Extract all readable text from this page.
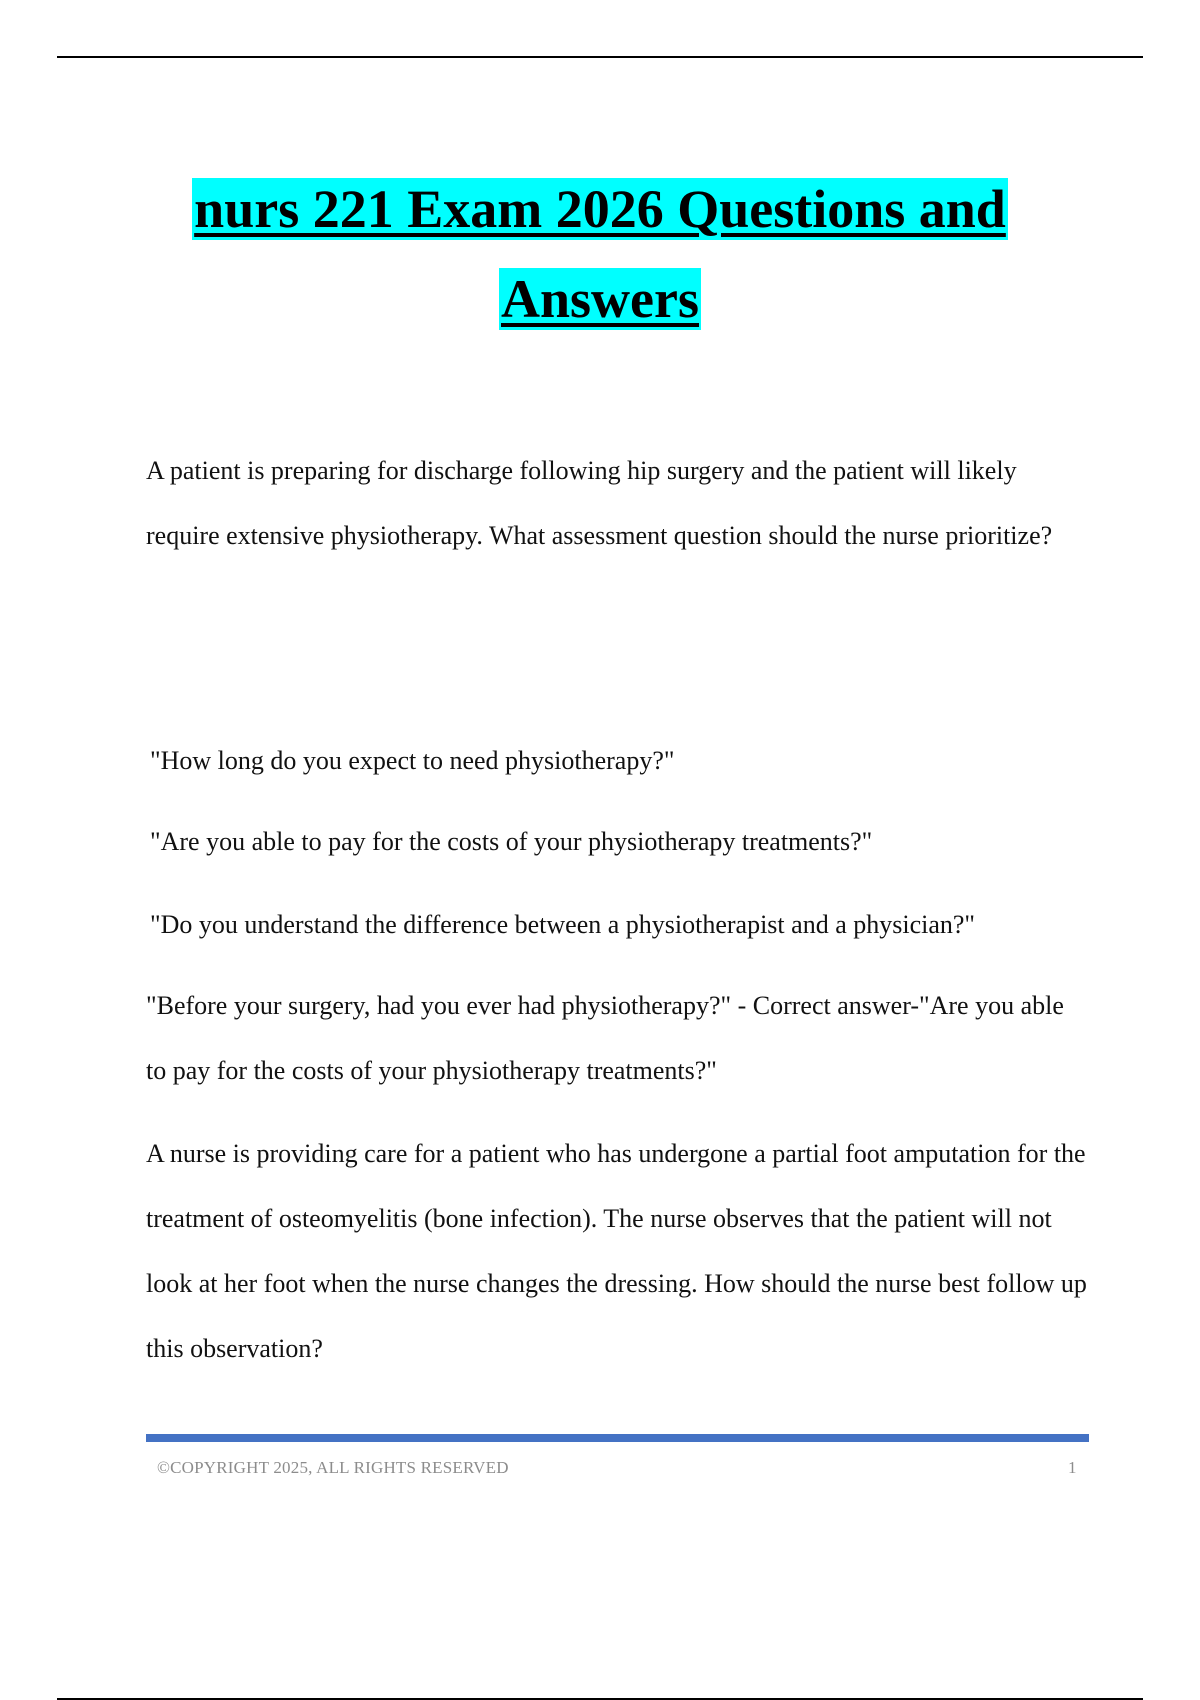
nurs 221 Exam 2026 Questions and
Answers

A patient is preparing for discharge following hip surgery and the patient will likely require extensive physiotherapy. What assessment question should the nurse prioritize?

"How long do you expect to need physiotherapy?"

"Are you able to pay for the costs of your physiotherapy treatments?"

"Do you understand the difference between a physiotherapist and a physician?"

"Before your surgery, had you ever had physiotherapy?" - Correct answer-"Are you able to pay for the costs of your physiotherapy treatments?"

A nurse is providing care for a patient who has undergone a partial foot amputation for the treatment of osteomyelitis (bone infection). The nurse observes that the patient will not look at her foot when the nurse changes the dressing. How should the nurse best follow up this observation?

©COPYRIGHT 2025, ALL RIGHTS RESERVED	1
